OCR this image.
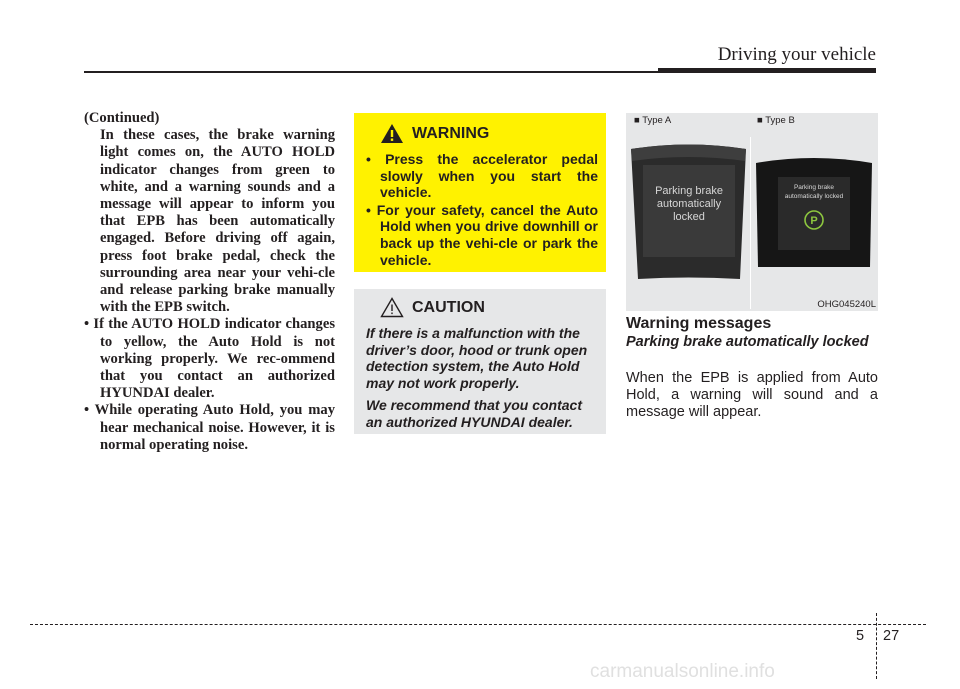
Driving your vehicle

(Continued)

In these cases, the brake warning light comes on, the AUTO HOLD indicator changes from green to white, and a warning sounds and a message will appear to inform you that EPB has been automatically engaged. Before driving off again, press foot brake pedal, check the surrounding area near your vehi-cle and release parking brake manually with the EPB switch.

• If the AUTO HOLD indicator changes to yellow, the Auto Hold is not working properly. We rec-ommend that you contact an authorized HYUNDAI dealer.

• While operating Auto Hold, you may hear mechanical noise. However, it is normal operating noise.

WARNING
• Press the accelerator pedal slowly when you start the vehicle.
• For your safety, cancel the Auto Hold when you drive downhill or back up the vehi-cle or park the vehicle.
CAUTION

If there is a malfunction with the driver’s door, hood or trunk open detection system, the Auto Hold may not work properly.

We recommend that you contact an authorized HYUNDAI dealer.

■ Type A	■ Type B
Parking brake
automatically
locked
Parking brake
automatically locked
P
OHG045240L
Warning messages
Parking brake automatically locked

When the EPB is applied from Auto Hold, a warning will sound and a message will appear.

5 27
carmanualsonline.info
